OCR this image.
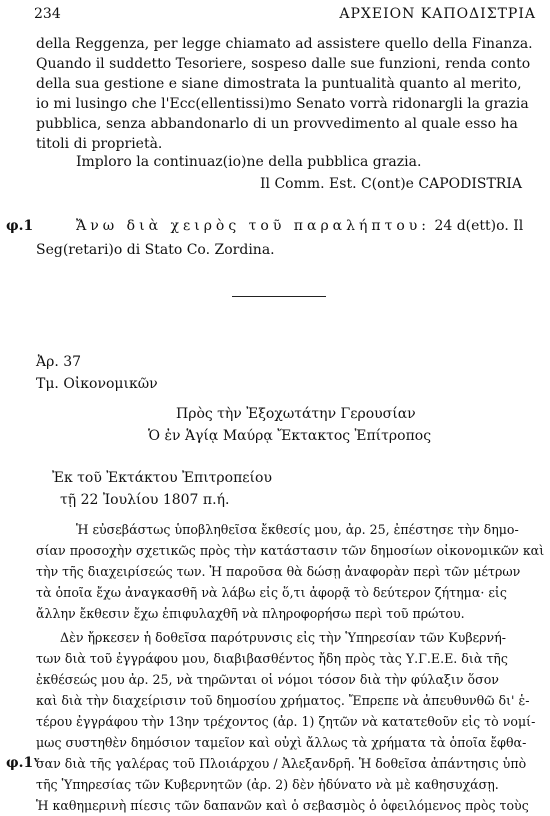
234	ΑΡΧΕΙΟΝ ΚΑΠΟΔΙΣΤΡΙΑ
della Reggenza, per legge chiamato ad assistere quello della Finanza.
Quando il suddetto Tesoriere, sospeso dalle sue funzioni, renda conto
della sua gestione e siane dimostrata la puntualità quanto al merito,
io mi lusingo che l'Ecc(ellentissi)mo Senato vorrà ridonargli la grazia
pubblica, senza abbandonarlo di un provvedimento al quale esso ha
titoli di proprietà.
Imploro la continuaz(io)ne della pubblica grazia.
Il Comm. Est. C(ont)e CAPODISTRIA
φ.1	Ἄνω διὰ χειρὸς τοῦ παραλήπτου: 24 d(ett)o. Il
Seg(retari)o di Stato Co. Zordina.
Ἀρ. 37
Τμ. Οἰκονομικῶν
Πρὸς τὴν Ἐξοχωτάτην Γερουσίαν
Ὁ ἐν Ἁγίᾳ Μαύρᾳ Ἔκτακτος Ἐπίτροπος
Ἐκ τοῦ Ἐκτάκτου Ἐπιτροπείου
τῇ 22 Ἰουλίου 1807 π.ή.
Ἡ εὐσεβάστως ὑποβληθεῖσα ἔκθεσίς μου, ἀρ. 25, ἐπέστησε τὴν δημο-
σίαν προσοχὴν σχετικῶς πρὸς τὴν κατάστασιν τῶν δημοσίων οἰκονομικῶν καὶ
τὴν τῆς διαχειρίσεώς των. Ἡ παροῦσα θὰ δώσῃ ἀναφορὰν περὶ τῶν μέτρων
τὰ ὁποῖα ἔχω ἀναγκασθῆ νὰ λάβω εἰς ὅ,τι ἀφορᾷ τὸ δεύτερον ζήτημα· εἰς
ἄλλην ἔκθεσιν ἔχω ἐπιφυλαχθῆ νὰ πληροφορήσω περὶ τοῦ πρώτου.
Δὲν ἤρκεσεν ἡ δοθεῖσα παρότρυνσις εἰς τὴν Ὑπηρεσίαν τῶν Κυβερνή-
των διὰ τοῦ ἐγγράφου μου, διαβιβασθέντος ἤδη πρὸς τὰς Υ.Γ.Ε.Ε. διὰ τῆς
ἐκθέσεώς μου ἀρ. 25, νὰ τηρῶνται οἱ νόμοι τόσον διὰ τὴν φύλαξιν ὅσον
καὶ διὰ τὴν διαχείρισιν τοῦ δημοσίου χρήματος. Ἔπρεπε νὰ ἀπευθυνθῶ δι' ἑ-
τέρου ἐγγράφου τὴν 13ην τρέχοντος (ἀρ. 1) ζητῶν νὰ κατατεθοῦν εἰς τὸ νομί-
μως συστηθὲν δημόσιον ταμεῖον καὶ οὐχὶ ἄλλως τὰ χρήματα τὰ ὁποῖα ἔφθα-
σαν διὰ τῆς γαλέρας τοῦ Πλοιάρχου / Ἀλεξανδρῆ. Ἡ δοθεῖσα ἀπάντησις ὑπὸ
τῆς Ὑπηρεσίας τῶν Κυβερνητῶν (ἀρ. 2) δὲν ἠδύνατο νὰ μὲ καθησυχάσῃ.
Ἡ καθημερινὴ πίεσις τῶν δαπανῶν καὶ ὁ σεβασμὸς ὁ ὀφειλόμενος πρὸς τοὺς
φ.1ᵛ
